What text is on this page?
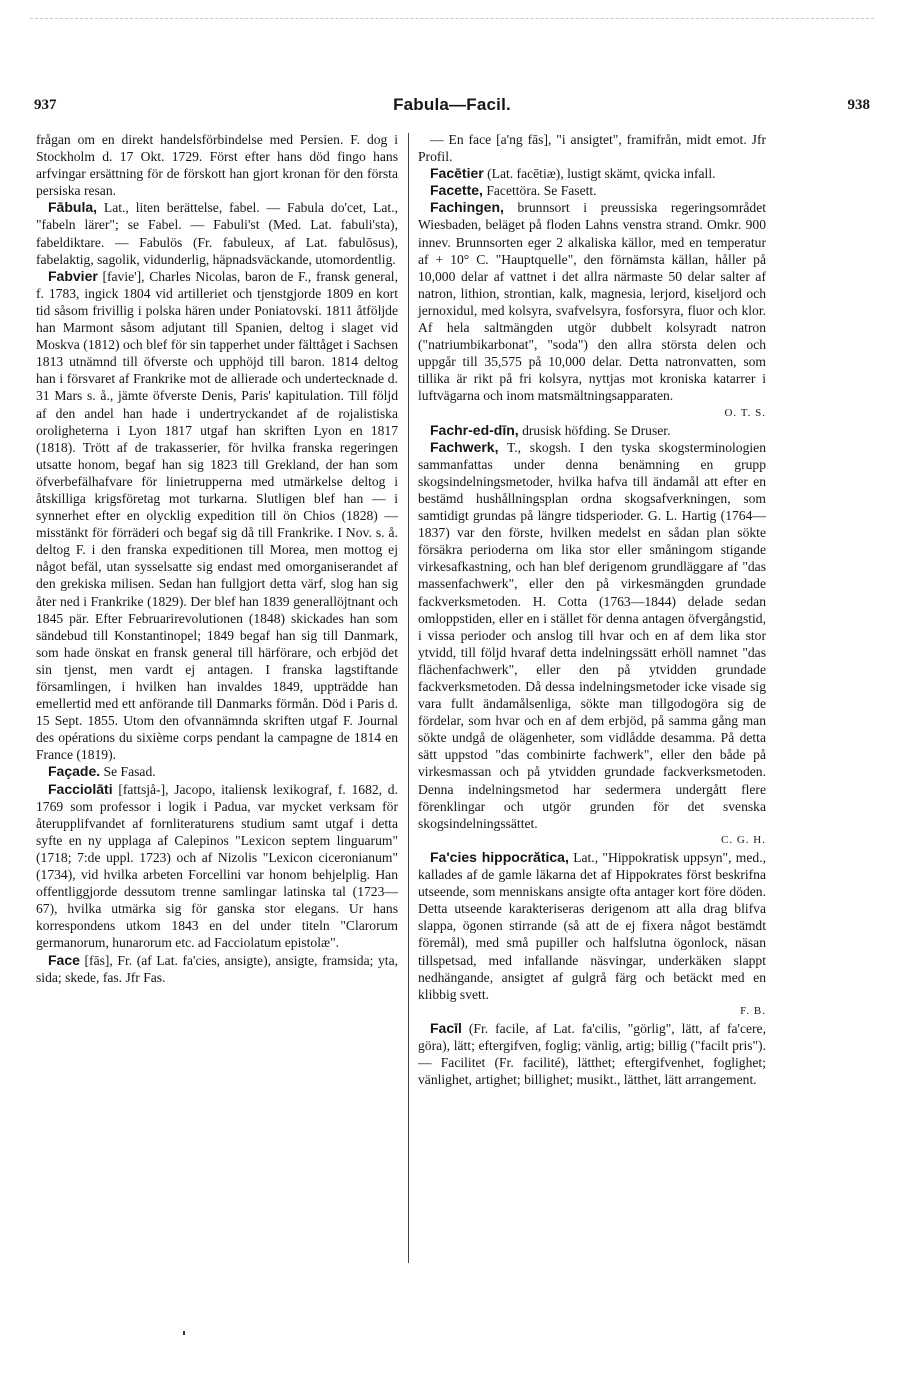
937	Fabula—Facil.	938

frågan om en direkt handelsförbindelse med Persien. F. dog i Stockholm d. 17 Okt. 1729. Först efter hans död fingo hans arfvingar ersättning för de förskott han gjort kronan för den första persiska resan.

Fābula, Lat., liten berättelse, fabel. — Fabula do'cet, Lat., "fabeln lärer"; se Fabel. — Fabuli'st (Med. Lat. fabuli'sta), fabeldiktare. — Fabulös (Fr. fabuleux, af Lat. fabulōsus), fabelaktig, sagolik, vidunderlig, häpnadsväckande, utomordentlig.

Fabvier [favie'], Charles Nicolas, baron de F., fransk general, f. 1783, ingick 1804 vid artilleriet och tjenstgjorde 1809 en kort tid såsom frivillig i polska hären under Poniatovski. 1811 åtföljde han Marmont såsom adjutant till Spanien, deltog i slaget vid Moskva (1812) och blef för sin tapperhet under fälttåget i Sachsen 1813 utnämnd till öfverste och upphöjd till baron. 1814 deltog han i försvaret af Frankrike mot de allierade och undertecknade d. 31 Mars s. å., jämte öfverste Denis, Paris' kapitulation. Till följd af den andel han hade i undertryckandet af de rojalistiska oroligheterna i Lyon 1817 utgaf han skriften Lyon en 1817 (1818). Trött af de trakasserier, för hvilka franska regeringen utsatte honom, begaf han sig 1823 till Grekland, der han som öfverbefälhafvare för linietrupperna med utmärkelse deltog i åtskilliga krigsföretag mot turkarna. Slutligen blef han — i synnerhet efter en olycklig expedition till ön Chios (1828) — misstänkt för förräderi och begaf sig då till Frankrike. I Nov. s. å. deltog F. i den franska expeditionen till Morea, men mottog ej något befäl, utan sysselsatte sig endast med omorganiserandet af den grekiska milisen. Sedan han fullgjort detta värf, slog han sig åter ned i Frankrike (1829). Der blef han 1839 generallöjtnant och 1845 pär. Efter Februarirevolutionen (1848) skickades han som sändebud till Konstantinopel; 1849 begaf han sig till Danmark, som hade önskat en fransk general till härförare, och erbjöd det sin tjenst, men vardt ej antagen. I franska lagstiftande församlingen, i hvilken han invaldes 1849, uppträdde han emellertid med ett anförande till Danmarks förmån. Död i Paris d. 15 Sept. 1855. Utom den ofvannämnda skriften utgaf F. Journal des opérations du sixième corps pendant la campagne de 1814 en France (1819).

Façade. Se Fasad.

Facciolāti [fattsjå-], Jacopo, italiensk lexikograf, f. 1682, d. 1769 som professor i logik i Padua, var mycket verksam för återupplifvandet af fornliteraturens studium samt utgaf i detta syfte en ny upplaga af Calepinos "Lexicon septem linguarum" (1718; 7:de uppl. 1723) och af Nizolis "Lexicon ciceronianum" (1734), vid hvilka arbeten Forcellini var honom behjelplig. Han offentliggjorde dessutom trenne samlingar latinska tal (1723—67), hvilka utmärka sig för ganska stor elegans. Ur hans korrespondens utkom 1843 en del under titeln "Clarorum germanorum, hunarorum etc. ad Facciolatum epistolæ".

Face [fās], Fr. (af Lat. fa'cies, ansigte), ansigte, framsida; yta, sida; skede, fas. Jfr Fas.

— En face [a'ng fās], "i ansigtet", framifrån, midt emot. Jfr Profil.

Facētier (Lat. facētiæ), lustigt skämt, qvicka infall.

Facette, Facettöra. Se Fasett.

Fachingen, brunnsort i preussiska regeringsområdet Wiesbaden, beläget på floden Lahns venstra strand. Omkr. 900 innev. Brunnsorten eger 2 alkaliska källor, med en temperatur af + 10° C. "Hauptquelle", den förnämsta källan, håller på 10,000 delar af vattnet i det allra närmaste 50 delar salter af natron, lithion, strontian, kalk, magnesia, lerjord, kiseljord och jernoxidul, med kolsyra, svafvelsyra, fosforsyra, fluor och klor. Af hela saltmängden utgör dubbelt kolsyradt natron ("natriumbikarbonat", "soda") den allra största delen och uppgår till 35,575 på 10,000 delar. Detta natronvatten, som tillika är rikt på fri kolsyra, nyttjas mot kroniska katarrer i luftvägarna och inom matsmältningsapparaten.

O. T. S.

Fachr-ed-dīn, drusisk höfding. Se Druser.

Fachwerk, T., skogsh. I den tyska skogsterminologien sammanfattas under denna benämning en grupp skogsindelningsmetoder, hvilka hafva till ändamål att efter en bestämd hushållningsplan ordna skogsafverkningen, som samtidigt grundas på längre tidsperioder. G. L. Hartig (1764—1837) var den förste, hvilken medelst en sådan plan sökte försäkra perioderna om lika stor eller småningom stigande virkesafkastning, och han blef derigenom grundläggare af "das massenfachwerk", eller den på virkesmängden grundade fackverksmetoden. H. Cotta (1763—1844) delade sedan omloppstiden, eller en i stället för denna antagen öfvergångstid, i vissa perioder och anslog till hvar och en af dem lika stor ytvidd, till följd hvaraf detta indelningssätt erhöll namnet "das flächenfachwerk", eller den på ytvidden grundade fackverksmetoden. Då dessa indelningsmetoder icke visade sig vara fullt ändamålsenliga, sökte man tillgodogöra sig de fördelar, som hvar och en af dem erbjöd, på samma gång man sökte undgå de olägenheter, som vidlådde desamma. På detta sätt uppstod "das combinirte fachwerk", eller den både på virkesmassan och på ytvidden grundade fackverksmetoden. Denna indelningsmetod har sedermera undergått flere förenklingar och utgör grunden för det svenska skogsindelningssättet.

C. G. H.

Fa'cies hippocrătica, Lat., "Hippokratisk uppsyn", med., kallades af de gamle läkarna det af Hippokrates först beskrifna utseende, som menniskans ansigte ofta antager kort före döden. Detta utseende karakteriseras derigenom att alla drag blifva slappa, ögonen stirrande (så att de ej fixera något bestämdt föremål), med små pupiller och halfslutna ögonlock, näsan tillspetsad, med infallande näsvingar, underkäken slappt nedhängande, ansigtet af gulgrå färg och betäckt med en klibbig svett.

F. B.

Facīl (Fr. facile, af Lat. fa'cilis, "görlig", lätt, af fa'cere, göra), lätt; eftergifven, foglig; vänlig, artig; billig ("facilt pris"). — Facilitet (Fr. facilité), lätthet; eftergifvenhet, foglighet; vänlighet, artighet; billighet; musikt., lätthet, lätt arrangement.
